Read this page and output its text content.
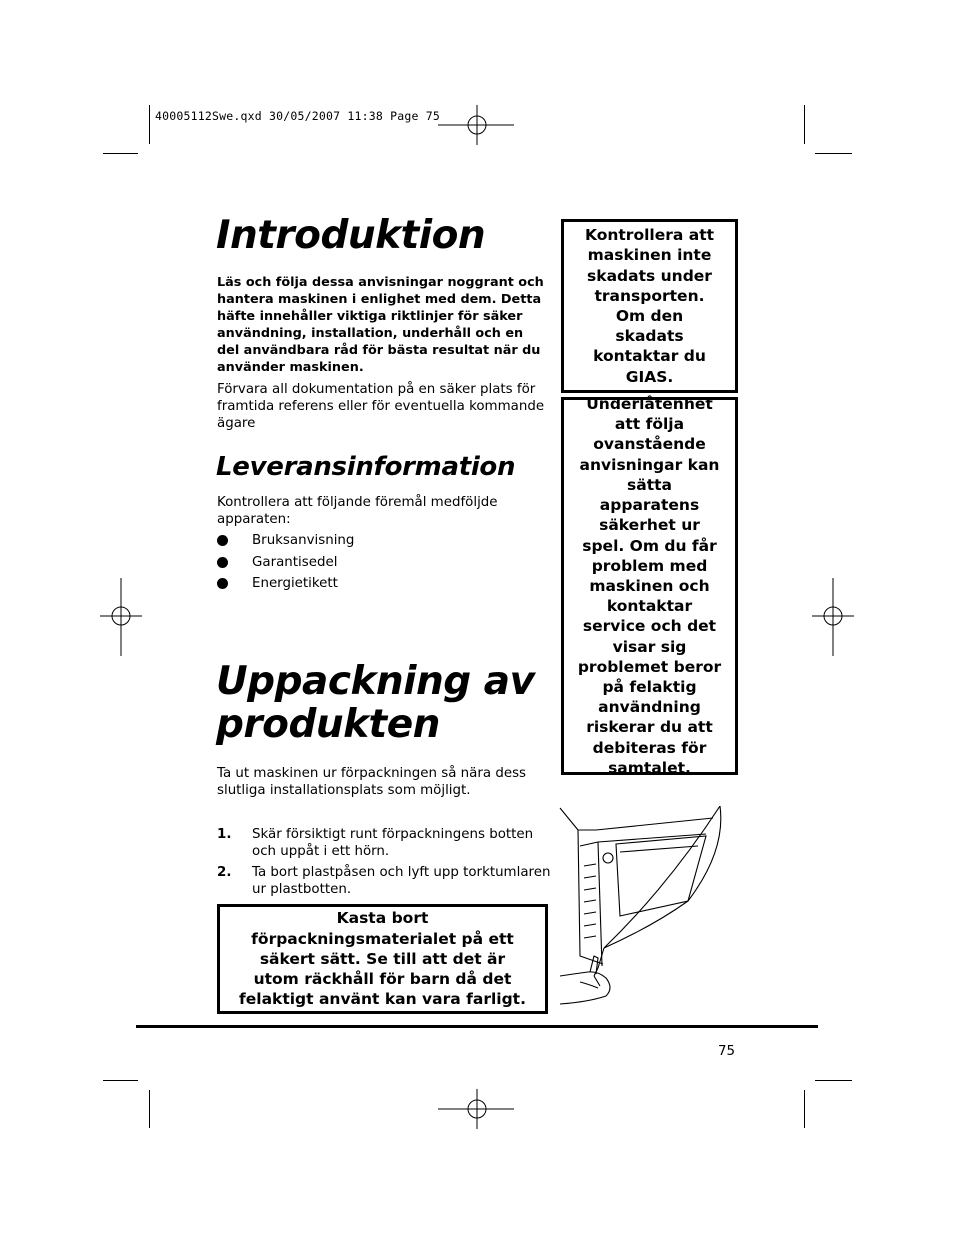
40005112Swe.qxd 30/05/2007 11:38 Page 75
Introduktion

Läs och följa dessa anvisningar noggrant och hantera maskinen i enlighet med dem. Detta häfte innehåller viktiga riktlinjer för säker användning, installation, underhåll och en del användbara råd för bästa resultat när du använder maskinen.

Förvara all dokumentation på en säker plats för framtida referens eller för eventuella kommande ägare

Leveransinformation

Kontrollera att följande föremål medföljde apparaten:

Bruksanvisning
Garantisedel
Energietikett
Uppackning av
produkten

Ta ut maskinen ur förpackningen så nära dess slutliga installationsplats som möjligt.

1. Skär försiktigt runt förpackningens botten och uppåt i ett hörn.
2. Ta bort plastpåsen och lyft upp torktumlaren ur plastbotten.
Kasta bort förpackningsmaterialet på ett säkert sätt. Se till att det är utom räckhåll för barn då det felaktigt använt kan vara farligt.
Kontrollera att maskinen inte skadats under transporten. Om den skadats kontaktar du GIAS.
Underlåtenhet att följa ovanstående anvisningar kan sätta apparatens säkerhet ur spel. Om du får problem med maskinen och kontaktar service och det visar sig problemet beror på felaktig användning riskerar du att debiteras för samtalet.
75
